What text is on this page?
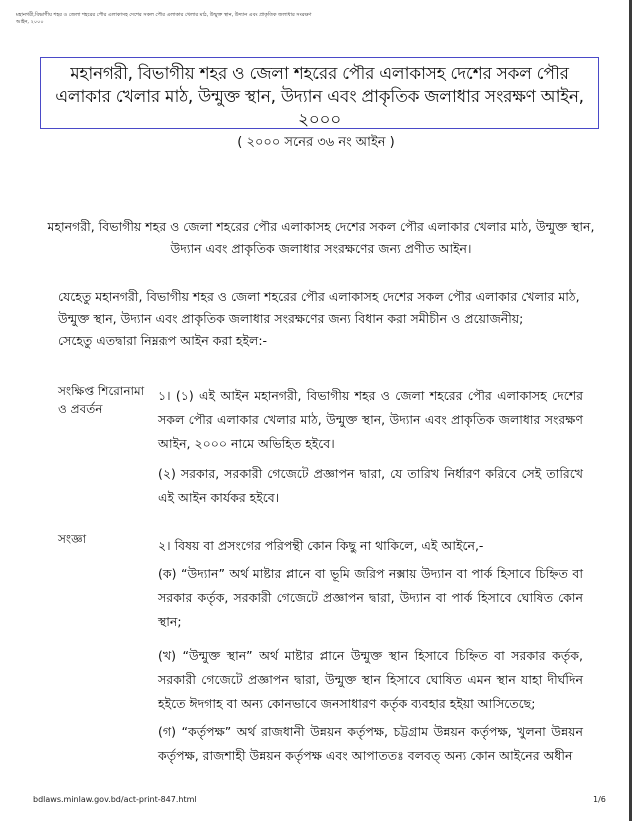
মহানগরী,বিভাগীয় শহর ও জেলা শহরের পৌর এলাকাসহ দেশের সকল পৌর এলাকার খেলার মাঠ, উন্মুক্ত স্থান, উদ্যান এবং প্রাকৃতিক জলাধার সংরক্ষণ
আইন, ২০০০
মহানগরী, বিভাগীয় শহর ও জেলা শহরের পৌর এলাকাসহ দেশের সকল পৌর এলাকার খেলার মাঠ, উন্মুক্ত স্থান, উদ্যান এবং প্রাকৃতিক জলাধার সংরক্ষণ আইন, ২০০০
( ২০০০ সনের ৩৬ নং আইন )

মহানগরী, বিভাগীয় শহর ও জেলা শহরের পৌর এলাকাসহ দেশের সকল পৌর এলাকার খেলার মাঠ, উন্মুক্ত স্থান, উদ্যান এবং প্রাকৃতিক জলাধার সংরক্ষণের জন্য প্রণীত আইন।

যেহেতু মহানগরী, বিভাগীয় শহর ও জেলা শহরের পৌর এলাকাসহ দেশের সকল পৌর এলাকার খেলার মাঠ, উন্মুক্ত স্থান, উদ্যান এবং প্রাকৃতিক জলাধার সংরক্ষণের জন্য বিধান করা সমীচীন ও প্রয়োজনীয়;

সেহেতু এতদ্বারা নিম্নরূপ আইন করা হইল:-

সংক্ষিপ্ত শিরোনামা ও প্রবর্তন

১। (১) এই আইন মহানগরী, বিভাগীয় শহর ও জেলা শহরের পৌর এলাকাসহ দেশের সকল পৌর এলাকার খেলার মাঠ, উন্মুক্ত স্থান, উদ্যান এবং প্রাকৃতিক জলাধার সংরক্ষণ আইন, ২০০০ নামে অভিহিত হইবে।

(২) সরকার, সরকারী গেজেটে প্রজ্ঞাপন দ্বারা, যে তারিখ নির্ধারণ করিবে সেই তারিখে এই আইন কার্যকর হইবে।

সংজ্ঞা	২। বিষয় বা প্রসংগের পরিপন্থী কোন কিছু না থাকিলে, এই আইনে,-

(ক) “উদ্যান” অর্থ মাষ্টার প্লানে বা ভূমি জরিপ নক্সায় উদ্যান বা পার্ক হিসাবে চিহ্নিত বা সরকার কর্তৃক, সরকারী গেজেটে প্রজ্ঞাপন দ্বারা, উদ্যান বা পার্ক হিসাবে ঘোষিত কোন স্থান;

(খ) “উন্মুক্ত স্থান” অর্থ মাষ্টার প্লানে উন্মুক্ত স্থান হিসাবে চিহ্নিত বা সরকার কর্তৃক, সরকারী গেজেটে প্রজ্ঞাপন দ্বারা, উন্মুক্ত স্থান হিসাবে ঘোষিত এমন স্থান যাহা দীর্ঘদিন হইতে ঈদগাহ বা অন্য কোনভাবে জনসাধারণ কর্তৃক ব্যবহার হইয়া আসিতেছে;

(গ) “কর্তৃপক্ষ” অর্থ রাজধানী উন্নয়ন কর্তৃপক্ষ, চট্টগ্রাম উন্নয়ন কর্তৃপক্ষ, খুলনা উন্নয়ন কর্তৃপক্ষ, রাজশাহী উন্নয়ন কর্তৃপক্ষ এবং আপাততঃ বলবত্ অন্য কোন আইনের অধীন

bdlaws.minlaw.gov.bd/act-print-847.html	1/6
